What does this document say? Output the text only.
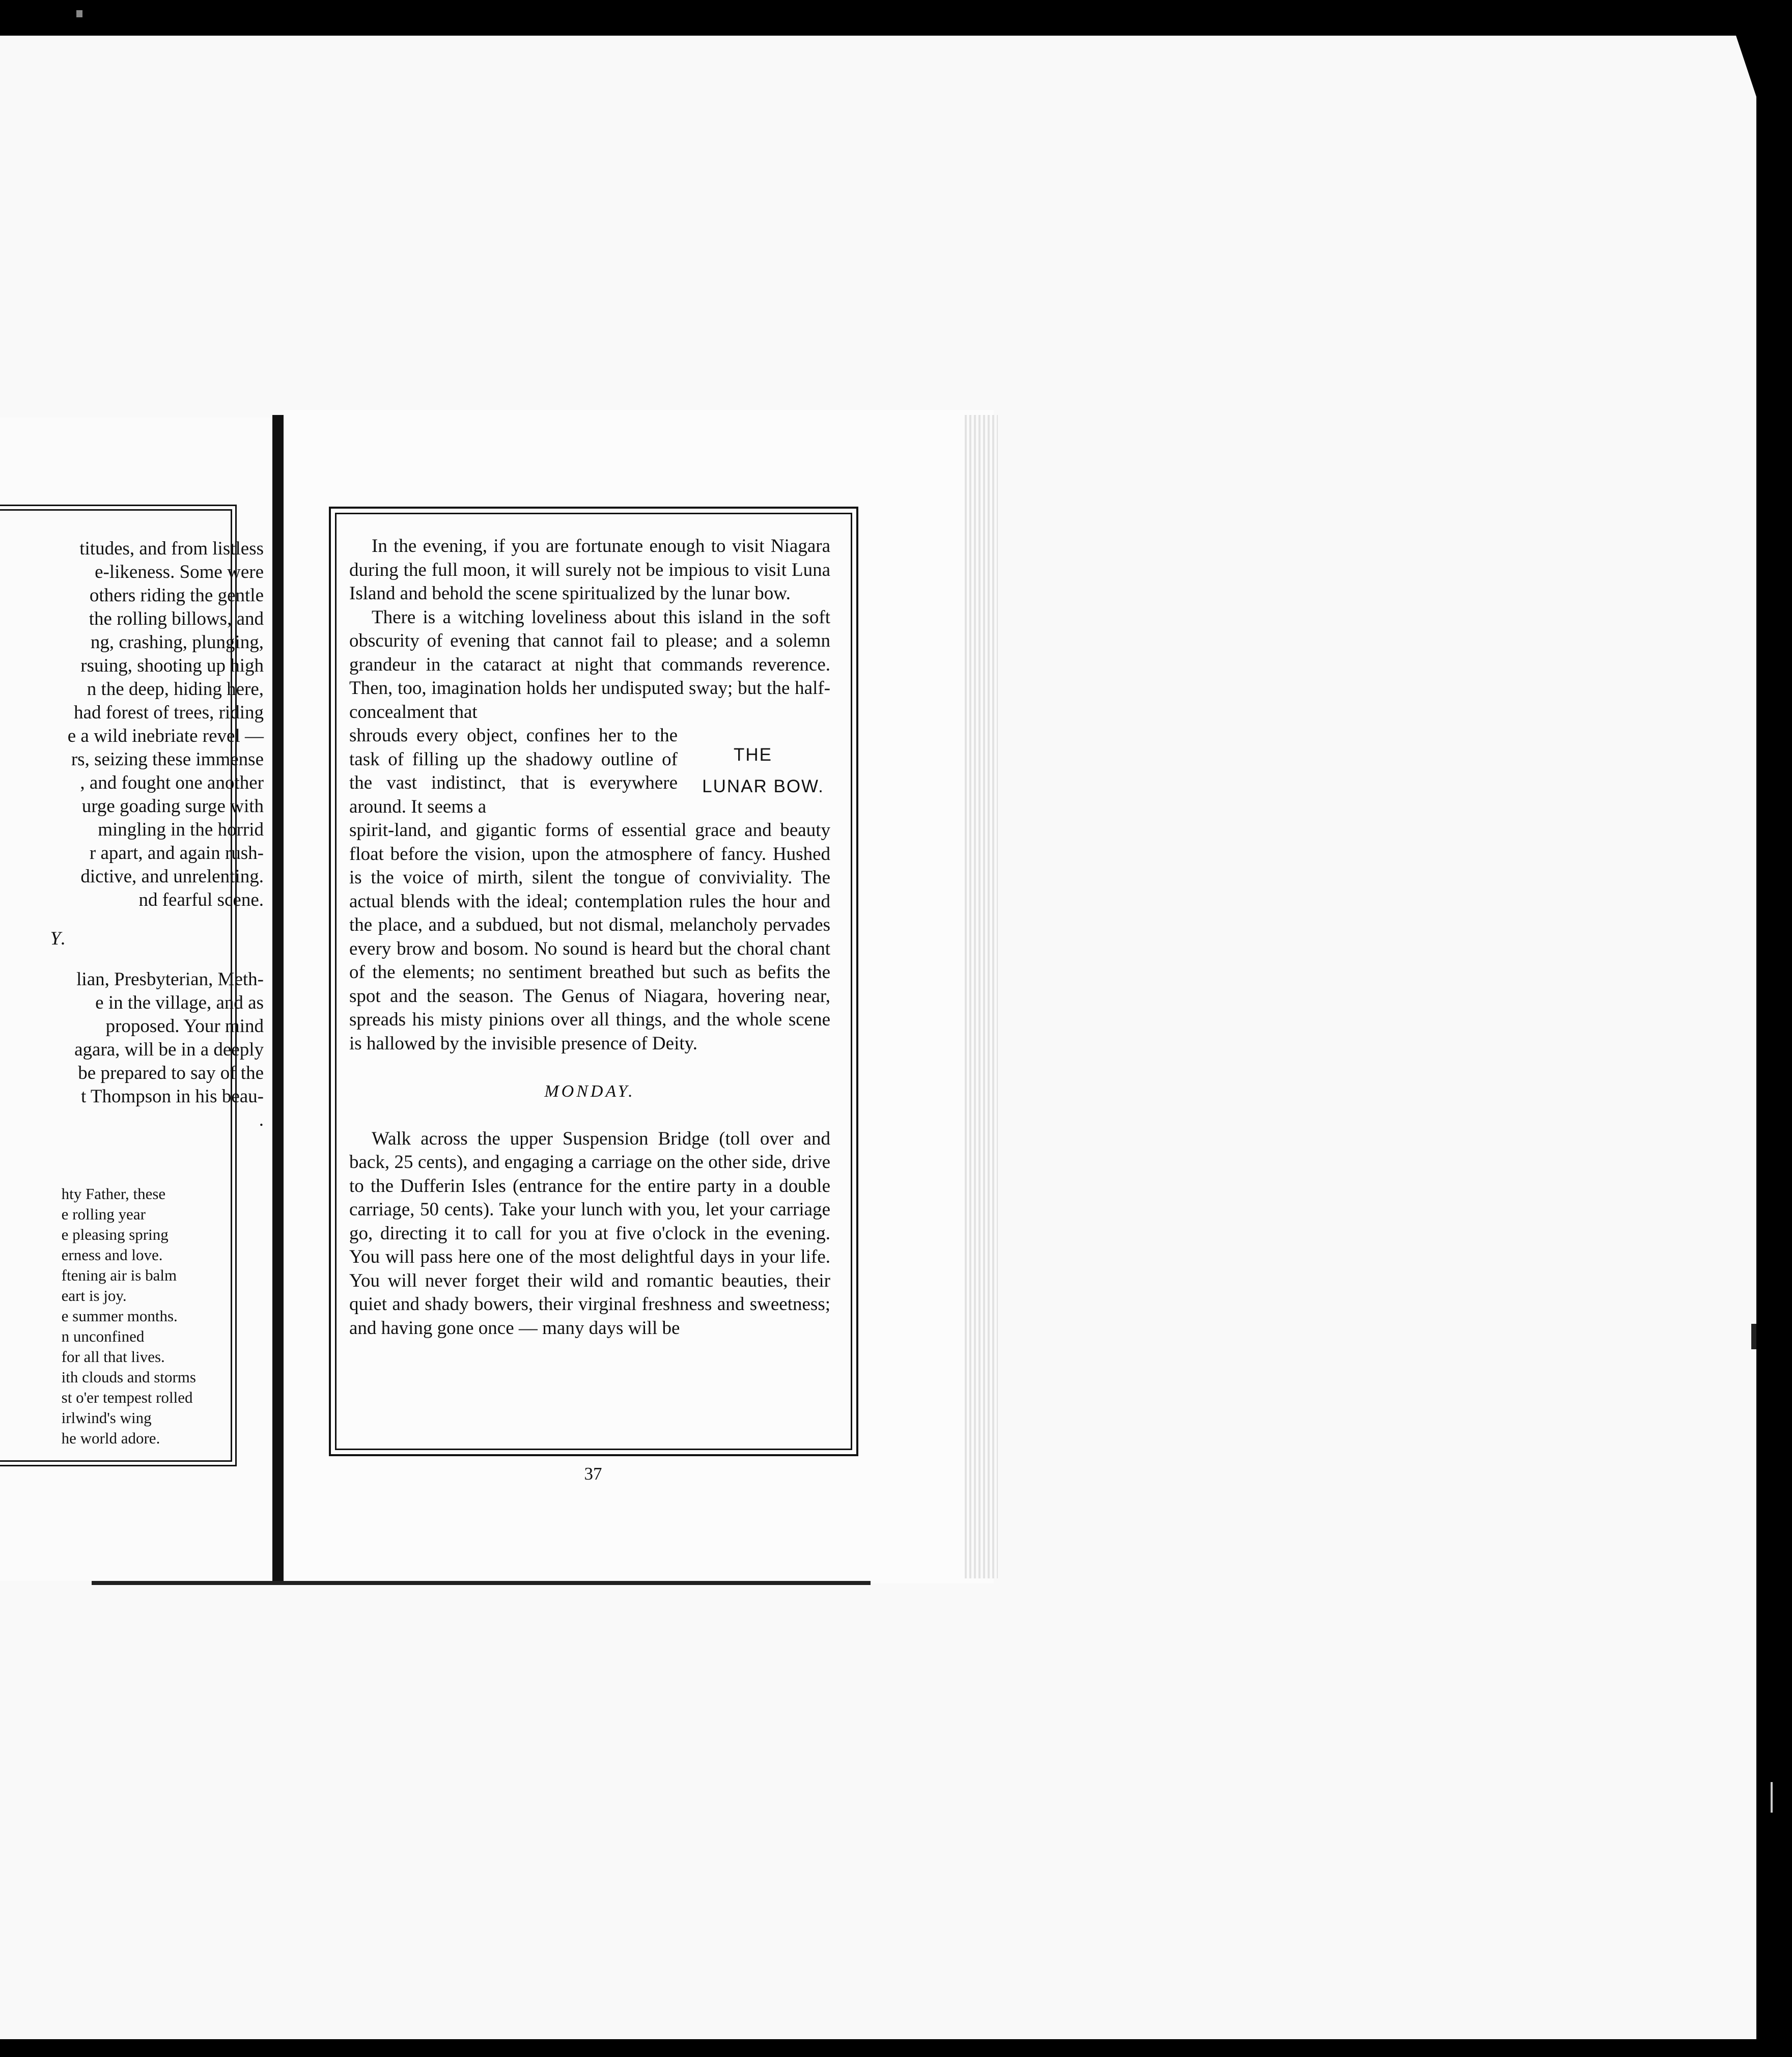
titudes, and from listless
e-likeness. Some were
others riding the gentle
the rolling billows, and
ng, crashing, plunging,
rsuing, shooting up high
n the deep, hiding here,
had forest of trees, riding
e a wild inebriate revel —
rs, seizing these immense
, and fought one another
urge goading surge with
mingling in the horrid
r apart, and again rush-
dictive, and unrelenting.
nd fearful scene.
Y.
lian, Presbyterian, Meth-
e in the village, and as
proposed. Your mind
agara, will be in a deeply
be prepared to say of the
t Thompson in his beau-
.
hty Father, these
e rolling year
e pleasing spring
erness and love.
ftening air is balm
eart is joy.
e summer months.
n unconfined
for all that lives.
ith clouds and storms
st o'er tempest rolled
irlwind's wing
he world adore.

In the evening, if you are fortunate enough to visit Niagara during the full moon, it will surely not be impious to visit Luna Island and behold the scene spiritualized by the lunar bow.

There is a witching loveliness about this island in the soft obscurity of evening that cannot fail to please; and a solemn grandeur in the cataract at night that commands reverence. Then, too, imagination holds her undisputed sway; but the half-concealment that

shrouds every object, confines her to the task of filling up the shadowy outline of the vast indistinct, that is everywhere around. It seems a
THE
LUNAR BOW.
spirit-land, and gigantic forms of essential grace and beauty float before the vision, upon the atmosphere of fancy. Hushed is the voice of mirth, silent the tongue of conviviality. The actual blends with the ideal; contemplation rules the hour and the place, and a subdued, but not dismal, melancholy pervades every brow and bosom. No sound is heard but the choral chant of the elements; no sentiment breathed but such as befits the spot and the season. The Genus of Niagara, hovering near, spreads his misty pinions over all things, and the whole scene is hallowed by the invisible presence of Deity.
MONDAY.

Walk across the upper Suspension Bridge (toll over and back, 25 cents), and engaging a carriage on the other side, drive to the Dufferin Isles (entrance for the entire party in a double carriage, 50 cents). Take your lunch with you, let your carriage go, directing it to call for you at five o'clock in the evening. You will pass here one of the most delightful days in your life. You will never forget their wild and romantic beauties, their quiet and shady bowers, their virginal freshness and sweetness; and having gone once — many days will be

37
